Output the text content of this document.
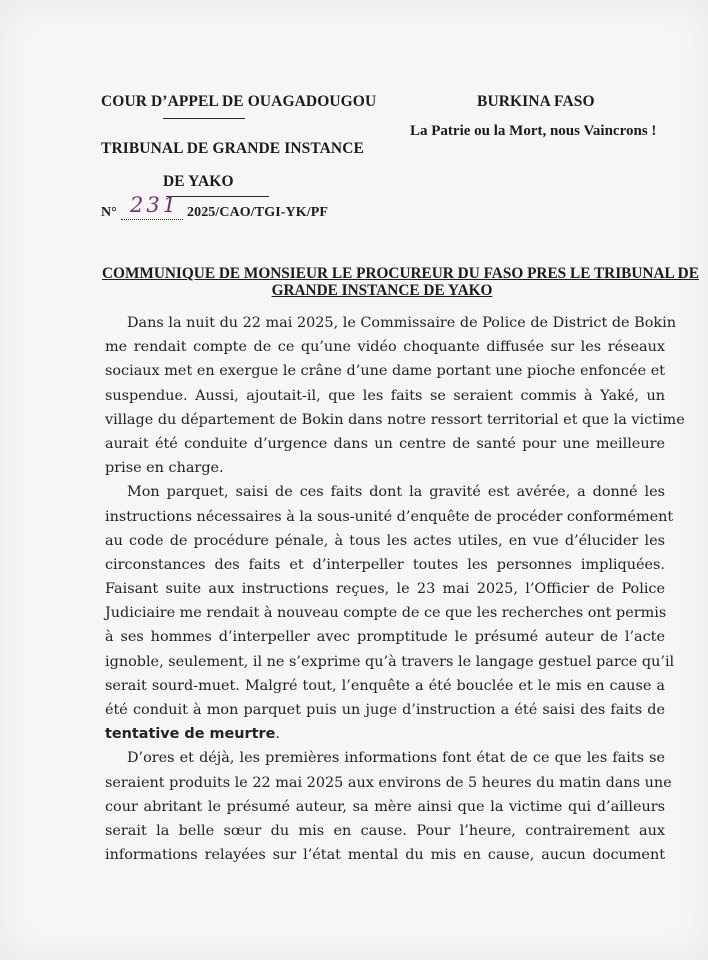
COUR D’APPEL DE OUAGADOUGOU	BURKINA FASO
La Patrie ou la Mort, nous Vaincrons !
TRIBUNAL DE GRANDE INSTANCE
DE YAKO
N° 231 2025/CAO/TGI-YK/PF
COMMUNIQUE DE MONSIEUR LE PROCUREUR DU FASO PRES LE TRIBUNAL DE
GRANDE INSTANCE DE YAKO
Dans la nuit du 22 mai 2025, le Commissaire de Police de District de Bokin
me rendait compte de ce qu’une vidéo choquante diffusée sur les réseaux
sociaux met en exergue le crâne d’une dame portant une pioche enfoncée et
suspendue. Aussi, ajoutait-il, que les faits se seraient commis à Yaké, un
village du département de Bokin dans notre ressort territorial et que la victime
aurait été conduite d’urgence dans un centre de santé pour une meilleure
prise en charge.
Mon parquet, saisi de ces faits dont la gravité est avérée, a donné les
instructions nécessaires à la sous-unité d’enquête de procéder conformément
au code de procédure pénale, à tous les actes utiles, en vue d’élucider les
circonstances des faits et d’interpeller toutes les personnes impliquées.
Faisant suite aux instructions reçues, le 23 mai 2025, l’Officier de Police
Judiciaire me rendait à nouveau compte de ce que les recherches ont permis
à ses hommes d’interpeller avec promptitude le présumé auteur de l’acte
ignoble, seulement, il ne s’exprime qu’à travers le langage gestuel parce qu’il
serait sourd-muet. Malgré tout, l’enquête a été bouclée et le mis en cause a
été conduit à mon parquet puis un juge d’instruction a été saisi des faits de
tentative de meurtre.
D’ores et déjà, les premières informations font état de ce que les faits se
seraient produits le 22 mai 2025 aux environs de 5 heures du matin dans une
cour abritant le présumé auteur, sa mère ainsi que la victime qui d’ailleurs
serait la belle sœur du mis en cause. Pour l’heure, contrairement aux
informations relayées sur l’état mental du mis en cause, aucun document
